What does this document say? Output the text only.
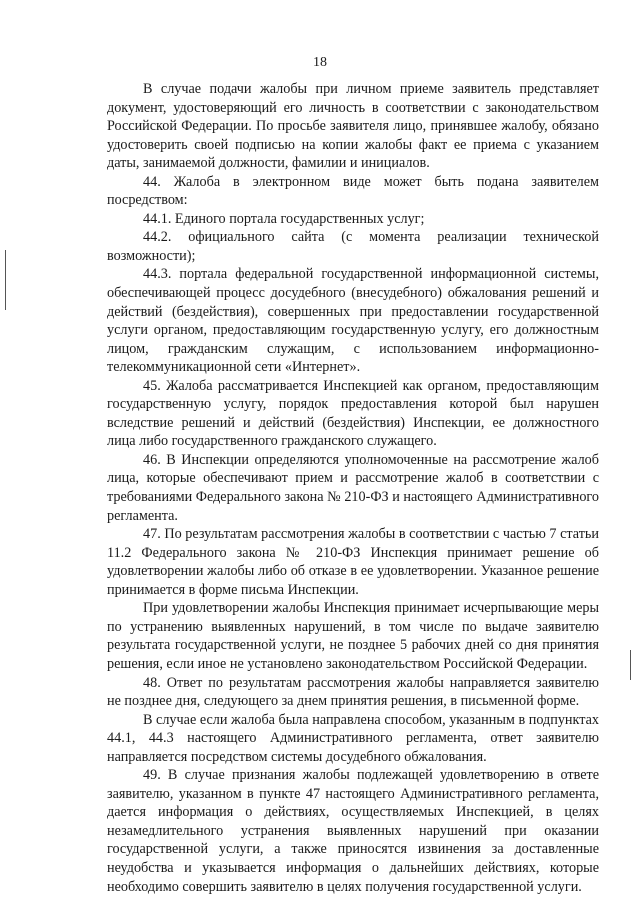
18

В случае подачи жалобы при личном приеме заявитель представляет документ, удостоверяющий его личность в соответствии с законодательством Российской Федерации. По просьбе заявителя лицо, принявшее жалобу, обязано удостоверить своей подписью на копии жалобы факт ее приема с указанием даты, занимаемой должности, фамилии и инициалов.

44. Жалоба в электронном виде может быть подана заявителем посредством:

44.1. Единого портала государственных услуг;

44.2. официального сайта (с момента реализации технической возможности);

44.3. портала федеральной государственной информационной системы, обеспечивающей процесс досудебного (внесудебного) обжалования решений и действий (бездействия), совершенных при предоставлении государственной услуги органом, предоставляющим государственную услугу, его должностным лицом, гражданским служащим, с использованием информационно-телекоммуникационной сети «Интернет».

45. Жалоба рассматривается Инспекцией как органом, предоставляющим государственную услугу, порядок предоставления которой был нарушен вследствие решений и действий (бездействия) Инспекции, ее должностного лица либо государственного гражданского служащего.

46. В Инспекции определяются уполномоченные на рассмотрение жалоб лица, которые обеспечивают прием и рассмотрение жалоб в соответствии с требованиями Федерального закона № 210-ФЗ и настоящего Административного регламента.

47. По результатам рассмотрения жалобы в соответствии с частью 7 статьи 11.2 Федерального закона № 210-ФЗ Инспекция принимает решение об удовлетворении жалобы либо об отказе в ее удовлетворении. Указанное решение принимается в форме письма Инспекции.

При удовлетворении жалобы Инспекция принимает исчерпывающие меры по устранению выявленных нарушений, в том числе по выдаче заявителю результата государственной услуги, не позднее 5 рабочих дней со дня принятия решения, если иное не установлено законодательством Российской Федерации.

48. Ответ по результатам рассмотрения жалобы направляется заявителю не позднее дня, следующего за днем принятия решения, в письменной форме.

В случае если жалоба была направлена способом, указанным в подпунктах 44.1, 44.3 настоящего Административного регламента, ответ заявителю направляется посредством системы досудебного обжалования.

49. В случае признания жалобы подлежащей удовлетворению в ответе заявителю, указанном в пункте 47 настоящего Административного регламента, дается информация о действиях, осуществляемых Инспекцией, в целях незамедлительного устранения выявленных нарушений при оказании государственной услуги, а также приносятся извинения за доставленные неудобства и указывается информация о дальнейших действиях, которые необходимо совершить заявителю в целях получения государственной услуги.
